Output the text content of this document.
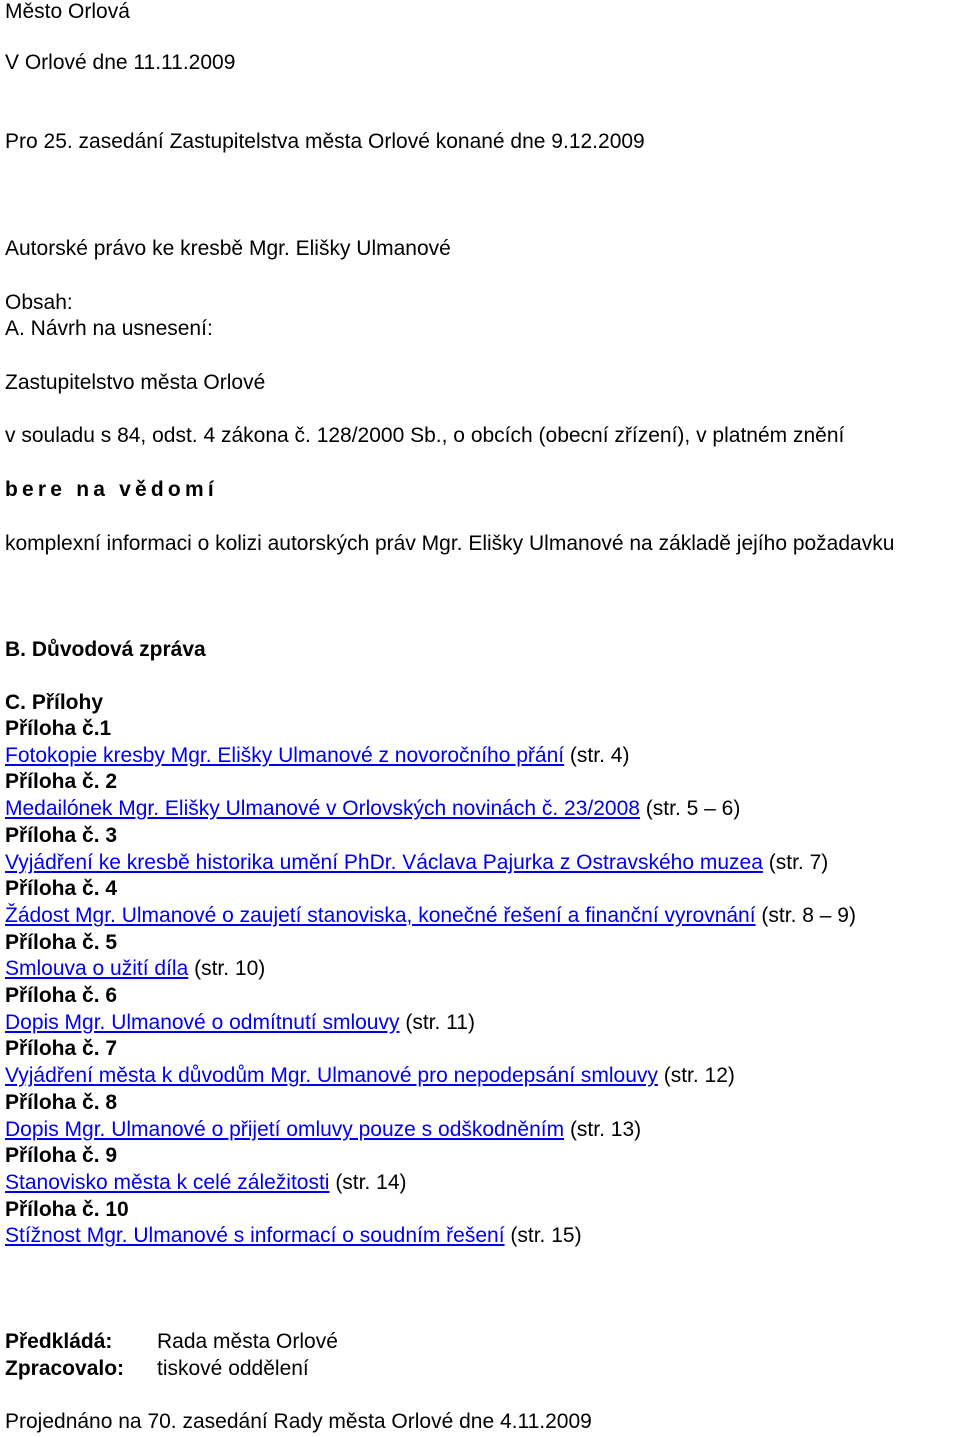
Město Orlová
V Orlové dne 11.11.2009
Pro 25. zasedání Zastupitelstva města Orlové konané dne 9.12.2009
Autorské právo ke kresbě Mgr. Elišky Ulmanové
Obsah:
A. Návrh na usnesení:
Zastupitelstvo města Orlové
v souladu s 84, odst. 4 zákona č. 128/2000 Sb., o obcích (obecní zřízení), v platném znění
bere na vědomí
komplexní informaci o kolizi autorských práv Mgr. Elišky Ulmanové na základě jejího požadavku
B. Důvodová zpráva
C. Přílohy
Příloha č.1
Fotokopie kresby Mgr. Elišky Ulmanové z novoročního přání (str. 4)
Příloha č. 2
Medailónek Mgr. Elišky Ulmanové v Orlovských novinách č. 23/2008 (str. 5 – 6)
Příloha č. 3
Vyjádření ke kresbě historika umění PhDr. Václava Pajurka z Ostravského muzea (str. 7)
Příloha č. 4
Žádost Mgr. Ulmanové o zaujetí stanoviska, konečné řešení a finanční vyrovnání (str. 8 – 9)
Příloha č. 5
Smlouva o užití díla (str. 10)
Příloha č. 6
Dopis Mgr. Ulmanové o odmítnutí smlouvy (str. 11)
Příloha č. 7
Vyjádření města k důvodům Mgr. Ulmanové pro nepodepsání smlouvy (str. 12)
Příloha č. 8
Dopis Mgr. Ulmanové o přijetí omluvy pouze s odškodněním (str. 13)
Příloha č. 9
Stanovisko města k celé záležitosti (str. 14)
Příloha č. 10
Stížnost Mgr. Ulmanové s informací o soudním řešení (str. 15)
Předkládá: Rada města Orlové
Zpracovalo: tiskové oddělení
Projednáno na 70. zasedání Rady města Orlové dne 4.11.2009
